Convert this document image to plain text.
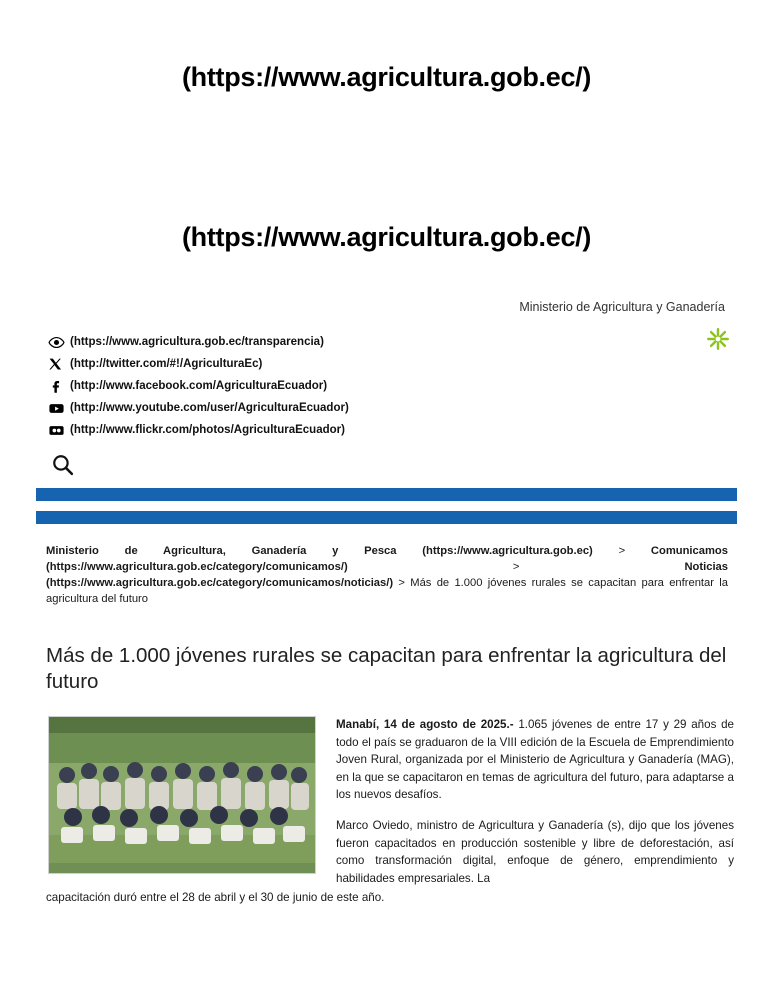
(https://www.agricultura.gob.ec/)
(https://www.agricultura.gob.ec/)
Ministerio de Agricultura y Ganadería
(https://www.agricultura.gob.ec/transparencia)
(http://twitter.com/#!/AgriculturaEc)
(http://www.facebook.com/AgriculturaEcuador)
(http://www.youtube.com/user/AgriculturaEcuador)
(http://www.flickr.com/photos/AgriculturaEcuador)
Ministerio de Agricultura, Ganadería y Pesca (https://www.agricultura.gob.ec) > Comunicamos (https://www.agricultura.gob.ec/category/comunicamos/) > Noticias (https://www.agricultura.gob.ec/category/comunicamos/noticias/) > Más de 1.000 jóvenes rurales se capacitan para enfrentar la agricultura del futuro
Más de 1.000 jóvenes rurales se capacitan para enfrentar la agricultura del futuro

Manabí, 14 de agosto de 2025.- 1.065 jóvenes de entre 17 y 29 años de todo el país se graduaron de la VIII edición de la Escuela de Emprendimiento Joven Rural, organizada por el Ministerio de Agricultura y Ganadería (MAG), en la que se capacitaron en temas de agricultura del futuro, para adaptarse a los nuevos desafíos.

Marco Oviedo, ministro de Agricultura y Ganadería (s), dijo que los jóvenes fueron capacitados en producción sostenible y libre de deforestación, así como transformación digital, enfoque de género, emprendimiento y habilidades empresariales. La

capacitación duró entre el 28 de abril y el 30 de junio de este año.
